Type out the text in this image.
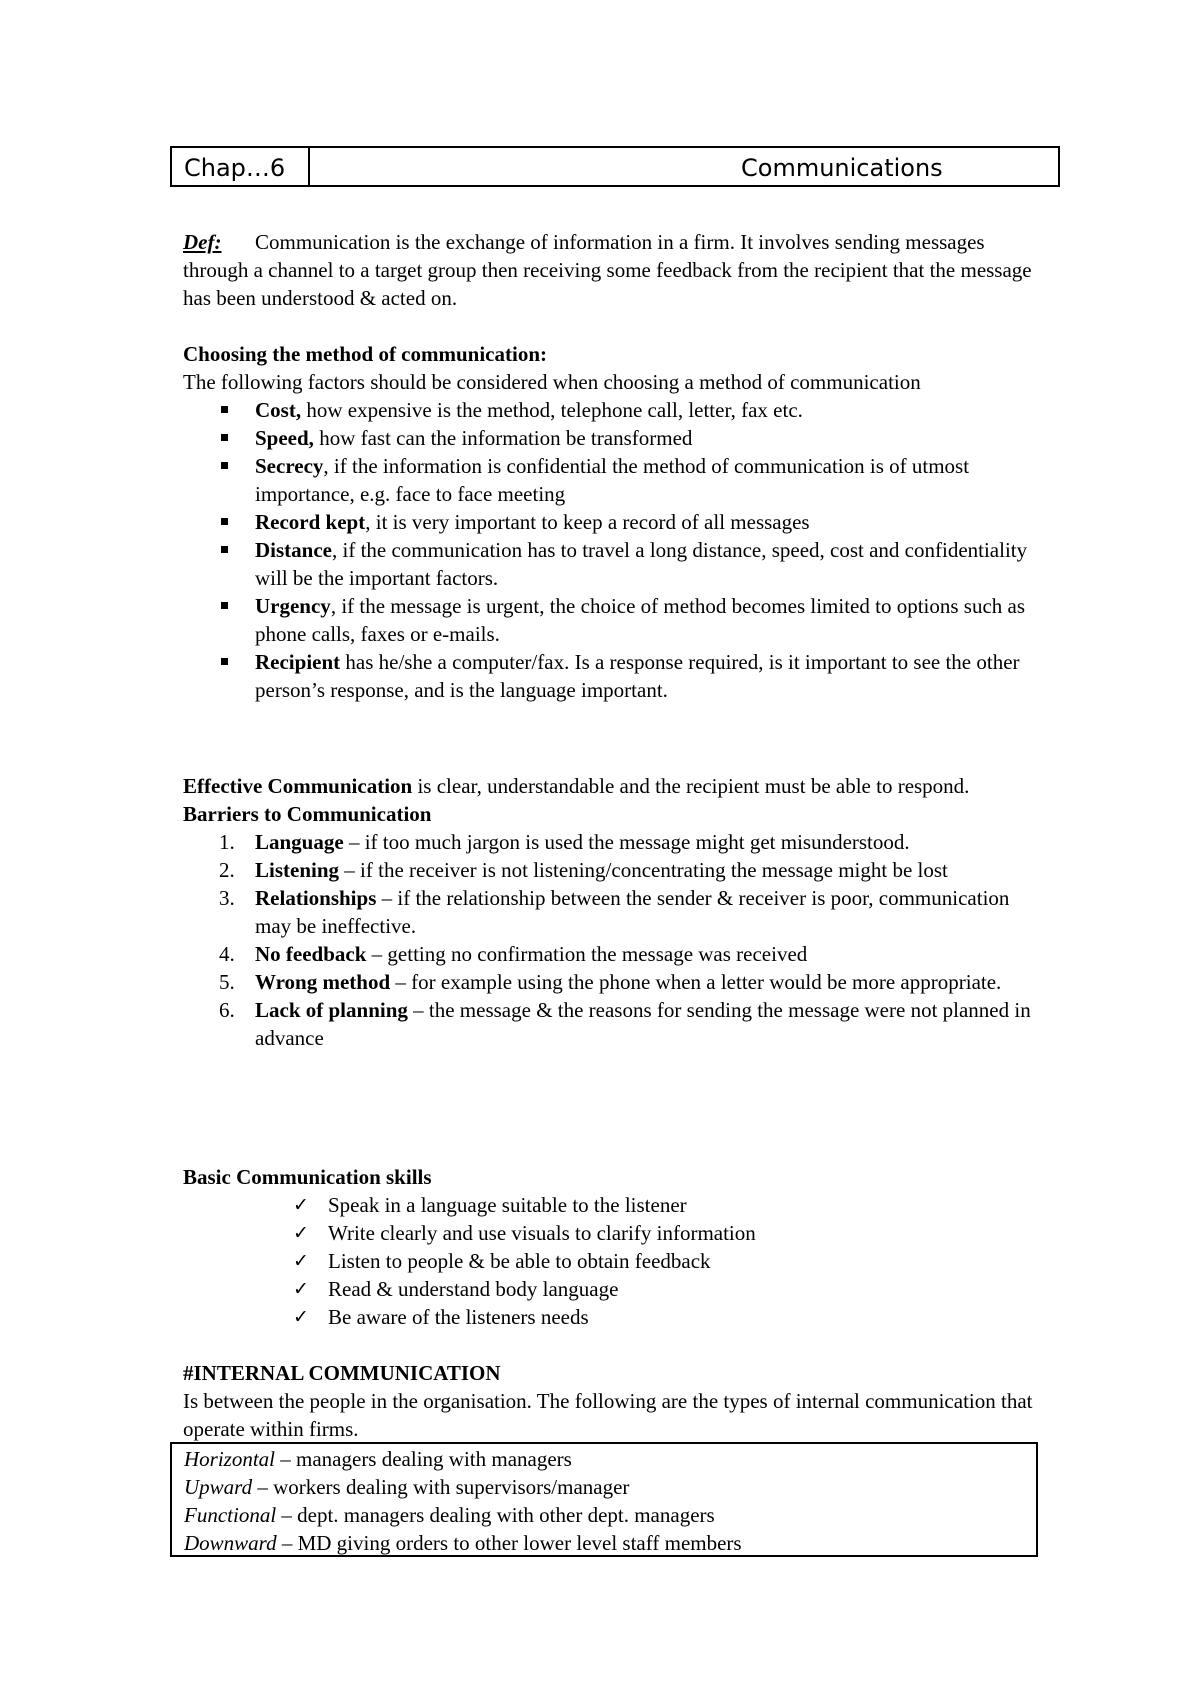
Chap…6	Communications

Def: Communication is the exchange of information in a firm. It involves sending messages through a channel to a target group then receiving some feedback from the recipient that the message has been understood & acted on.

Choosing the method of communication:

The following factors should be considered when choosing a method of communication

Cost, how expensive is the method, telephone call, letter, fax etc.
Speed, how fast can the information be transformed
Secrecy, if the information is confidential the method of communication is of utmost importance, e.g. face to face meeting
Record kept, it is very important to keep a record of all messages
Distance, if the communication has to travel a long distance, speed, cost and confidentiality will be the important factors.
Urgency, if the message is urgent, the choice of method becomes limited to options such as phone calls, faxes or e-mails.
Recipient has he/she a computer/fax. Is a response required, is it important to see the other person’s response, and is the language important.

Effective Communication is clear, understandable and the recipient must be able to respond.

Barriers to Communication

1. Language – if too much jargon is used the message might get misunderstood.
2. Listening – if the receiver is not listening/concentrating the message might be lost
3. Relationships – if the relationship between the sender & receiver is poor, communication may be ineffective.
4. No feedback – getting no confirmation the message was received
5. Wrong method – for example using the phone when a letter would be more appropriate.
6. Lack of planning – the message & the reasons for sending the message were not planned in advance

Basic Communication skills

✓ Speak in a language suitable to the listener
✓ Write clearly and use visuals to clarify information
✓ Listen to people & be able to obtain feedback
✓ Read & understand body language
✓ Be aware of the listeners needs

#INTERNAL COMMUNICATION

Is between the people in the organisation. The following are the types of internal communication that operate within firms.

Horizontal – managers dealing with managers
Upward – workers dealing with supervisors/manager
Functional – dept. managers dealing with other dept. managers
Downward – MD giving orders to other lower level staff members
